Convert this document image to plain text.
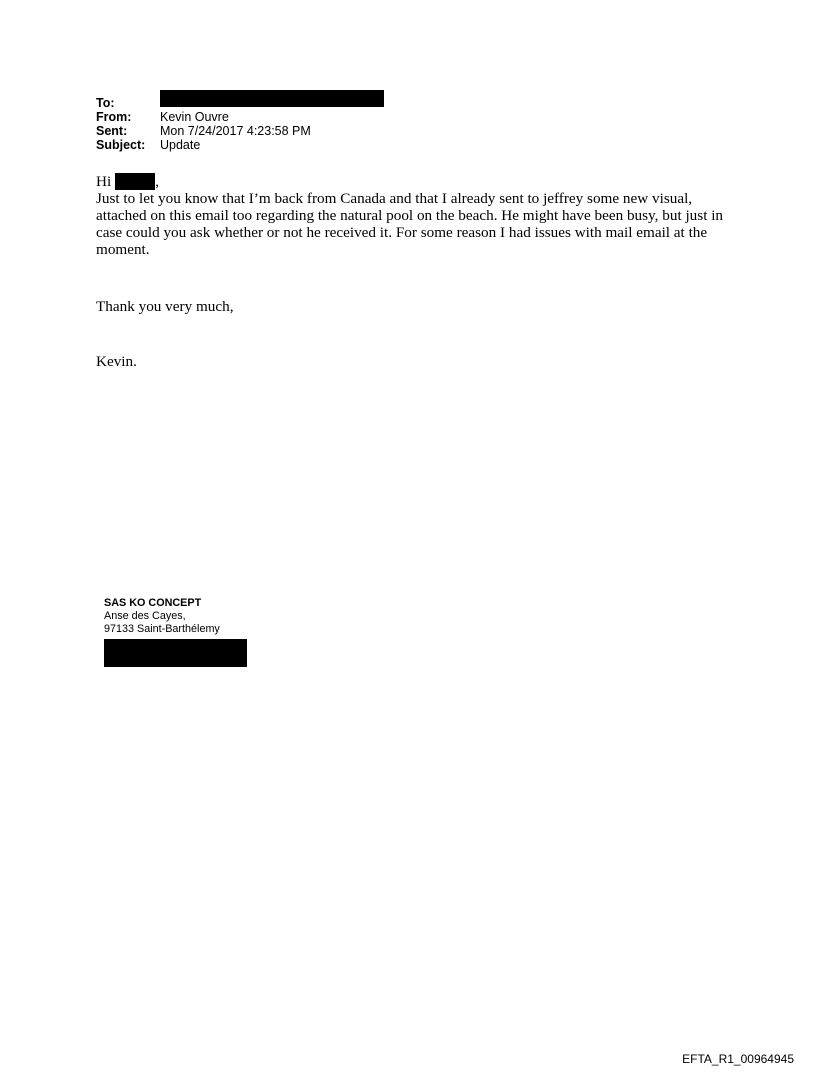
To:
From:	Kevin Ouvre
Sent:	Mon 7/24/2017 4:23:58 PM
Subject:	Update

Hi	,

Just to let you know that I’m back from Canada and that I already sent to jeffrey some new visual, attached on this email too regarding the natural pool on the beach. He might have been busy, but just in case could you ask whether or not he received it. For some reason I had issues with mail email at the moment.

Thank you very much,

Kevin.

SAS KO CONCEPT
Anse des Cayes,
97133 Saint-Barthélemy
EFTA_R1_00964945
